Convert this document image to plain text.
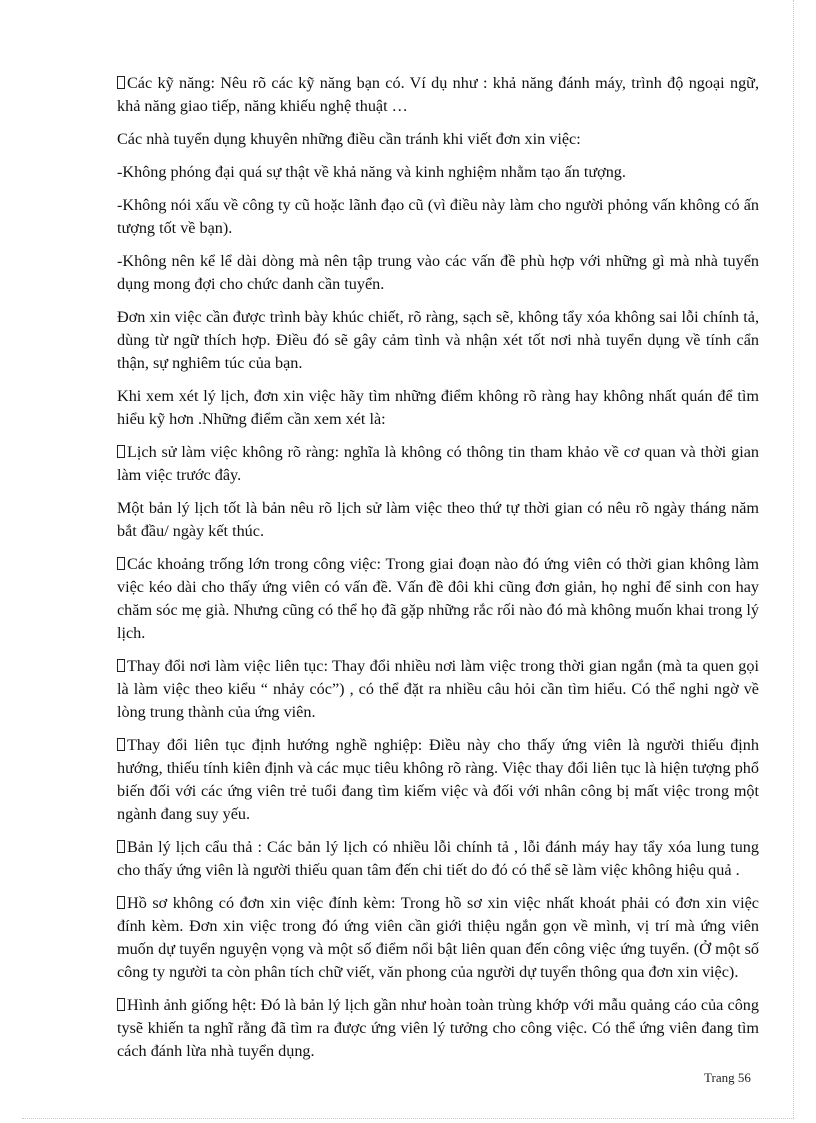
Các kỹ năng: Nêu rõ các kỹ năng bạn có. Ví dụ như : khả năng đánh máy, trình độ ngoại ngữ, khả năng giao tiếp, năng khiếu nghệ thuật …

Các nhà tuyển dụng khuyên những điều cần tránh khi viết đơn xin việc:

-Không phóng đại quá sự thật về khả năng và kinh nghiệm nhằm tạo ấn tượng.

-Không nói xấu về công ty cũ hoặc lãnh đạo cũ (vì điều này làm cho người phỏng vấn không có ấn tượng tốt về bạn).

-Không nên kể lể dài dòng mà nên tập trung vào các vấn đề phù hợp với những gì mà nhà tuyển dụng mong đợi cho chức danh cần tuyển.

Đơn xin việc cần được trình bày khúc chiết, rõ ràng, sạch sẽ, không tẩy xóa không sai lỗi chính tả, dùng từ ngữ thích hợp. Điều đó sẽ gây cảm tình và nhận xét tốt nơi nhà tuyển dụng về tính cẩn thận, sự nghiêm túc của bạn.

Khi xem xét lý lịch, đơn xin việc hãy tìm những điểm không rõ ràng hay không nhất quán để tìm hiểu kỹ hơn .Những điểm cần xem xét là:

Lịch sử làm việc không rõ ràng: nghĩa là không có thông tin tham khảo về cơ quan và thời gian làm việc trước đây.

Một bản lý lịch tốt là bản nêu rõ lịch sử làm việc theo thứ tự thời gian có nêu rõ ngày tháng năm bắt đầu/ ngày kết thúc.

Các khoảng trống lớn trong công việc: Trong giai đoạn nào đó ứng viên có thời gian không làm việc kéo dài cho thấy ứng viên có vấn đề. Vấn đề đôi khi cũng đơn giản, họ nghỉ để sinh con hay chăm sóc mẹ già. Nhưng cũng có thể họ đã gặp những rắc rối nào đó mà không muốn khai trong lý lịch.

Thay đổi nơi làm việc liên tục: Thay đổi nhiều nơi làm việc trong thời gian ngắn (mà ta quen gọi là làm việc theo kiểu “ nhảy cóc”) , có thể đặt ra nhiều câu hỏi cần tìm hiểu. Có thể nghi ngờ về lòng trung thành của ứng viên.

Thay đổi liên tục định hướng nghề nghiệp: Điều này cho thấy ứng viên là người thiếu định hướng, thiếu tính kiên định và các mục tiêu không rõ ràng. Việc thay đổi liên tục là hiện tượng phổ biến đối với các ứng viên trẻ tuổi đang tìm kiếm việc và đối với nhân công bị mất việc trong một ngành đang suy yếu.

Bản lý lịch cẩu thả : Các bản lý lịch có nhiều lỗi chính tả , lỗi đánh máy hay tẩy xóa lung tung cho thấy ứng viên là người thiếu quan tâm đến chi tiết do đó có thể sẽ làm việc không hiệu quả .

Hồ sơ không có đơn xin việc đính kèm: Trong hồ sơ xin việc nhất khoát phải có đơn xin việc đính kèm. Đơn xin việc trong đó ứng viên cần giới thiệu ngắn gọn về mình, vị trí mà ứng viên muốn dự tuyển nguyện vọng và một số điểm nổi bật liên quan đến công việc ứng tuyển. (Ở một số công ty người ta còn phân tích chữ viết, văn phong của người dự tuyển thông qua đơn xin việc).

Hình ảnh giống hệt: Đó là bản lý lịch gần như hoàn toàn trùng khớp với mẫu quảng cáo của công tysẽ khiến ta nghĩ rằng đã tìm ra được ứng viên lý tưởng cho công việc. Có thể ứng viên đang tìm cách đánh lừa nhà tuyển dụng.

Trang 56
